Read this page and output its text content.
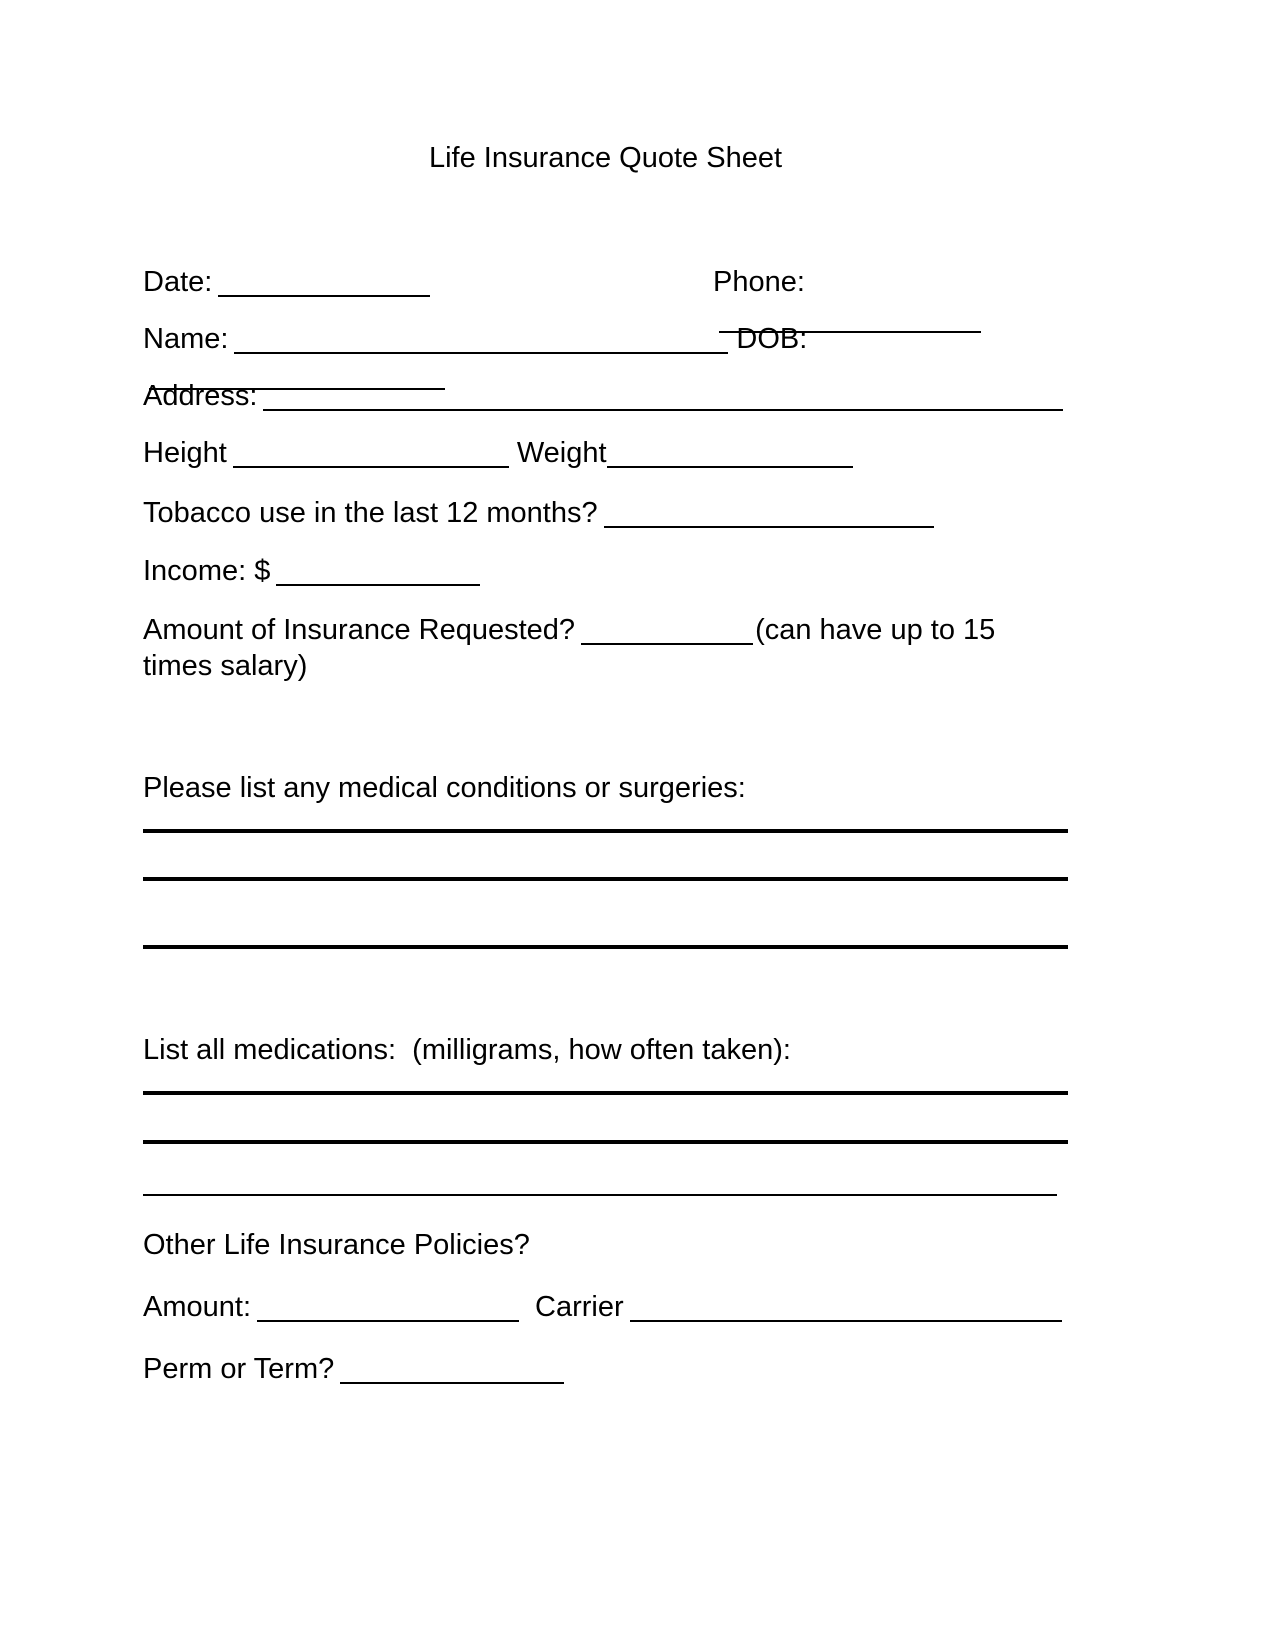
Life Insurance Quote Sheet
Date:	Phone:
Name:	DOB:
Address:
Height	Weight
Tobacco use in the last 12 months?
Income: $
Amount of Insurance Requested?	(can have up to 15 times salary)
Please list any medical conditions or surgeries:
List all medications:  (milligrams, how often taken):
Other Life Insurance Policies?
Amount:	Carrier
Perm or Term?
